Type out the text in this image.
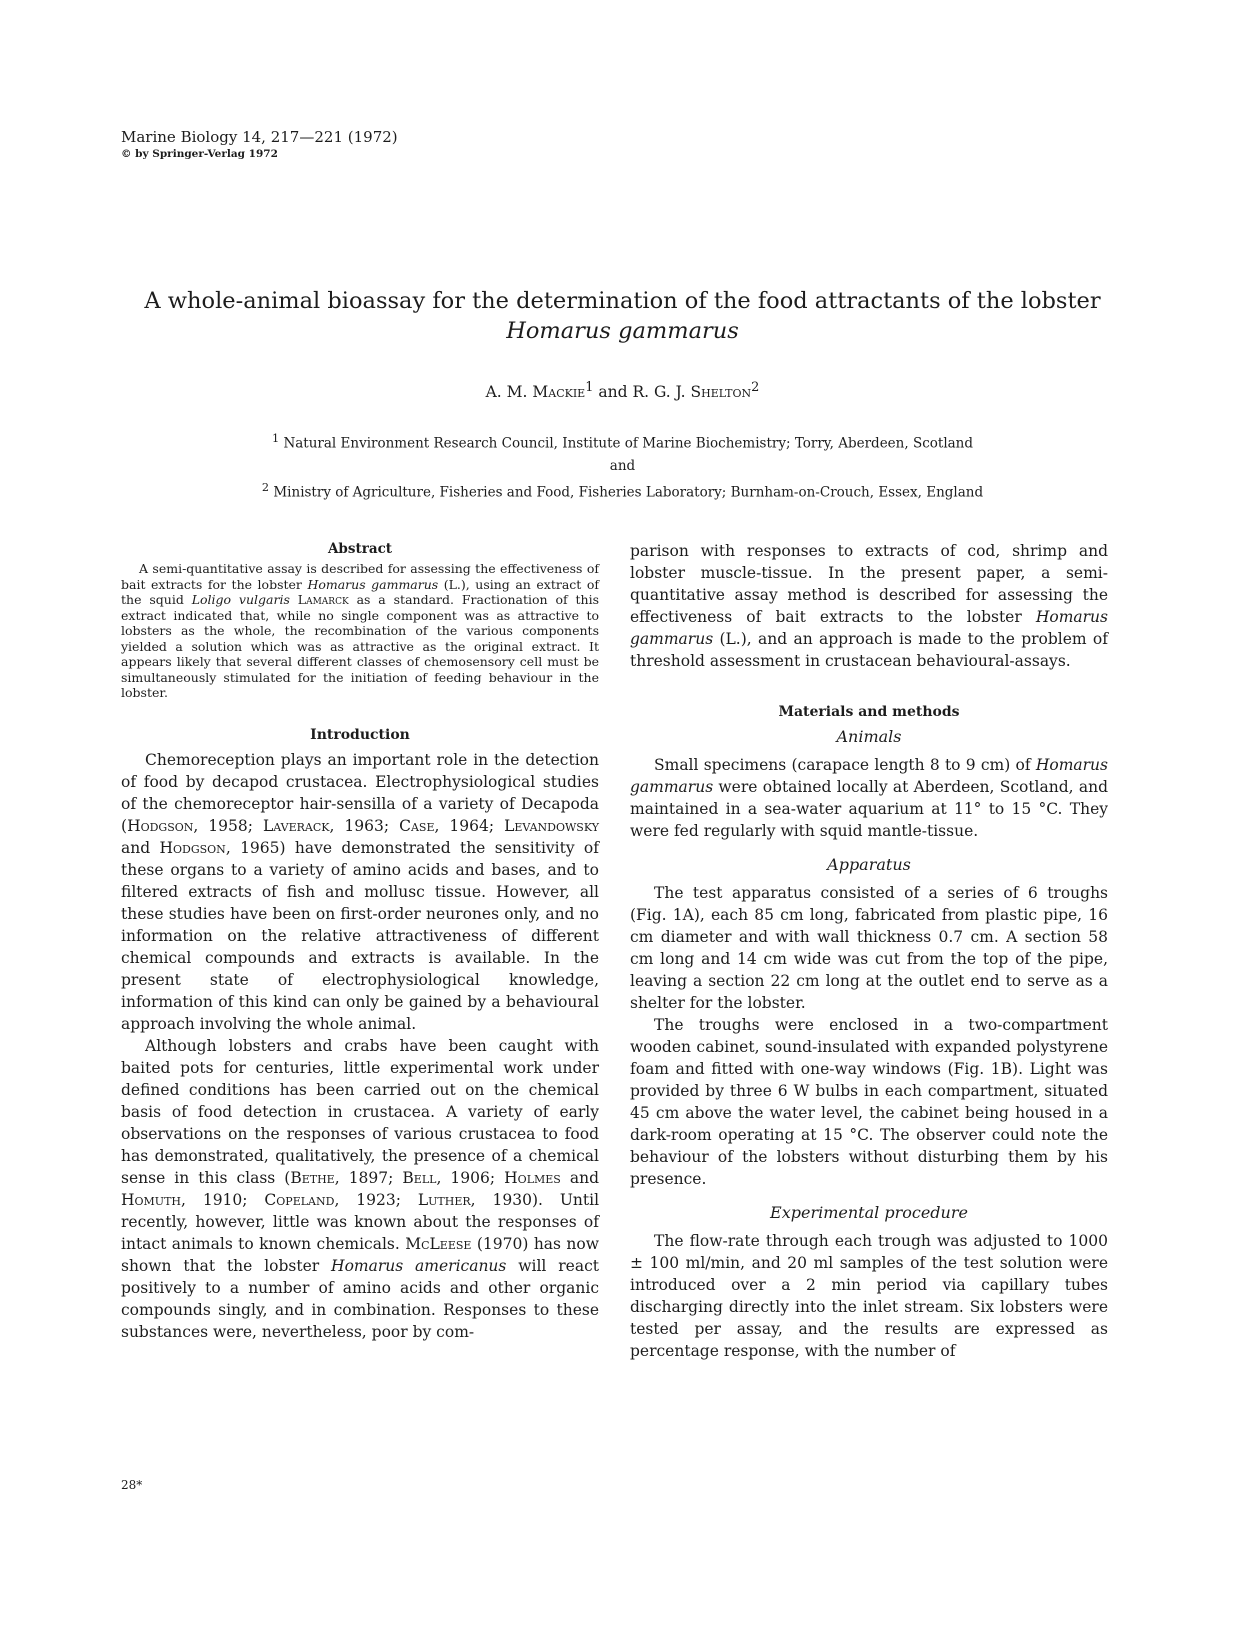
Marine Biology 14, 217—221 (1972)
© by Springer-Verlag 1972
A whole-animal bioassay for the determination of the food attractants of the lobster
Homarus gammarus
A. M. Mackie$^1$ and R. G. J. Shelton$^2$
$^1$ Natural Environment Research Council, Institute of Marine Biochemistry; Torry, Aberdeen, Scotland
and
$^2$ Ministry of Agriculture, Fisheries and Food, Fisheries Laboratory; Burnham-on-Crouch, Essex, England
Abstract

A semi-quantitative assay is described for assessing the effectiveness of bait extracts for the lobster Homarus gammarus (L.), using an extract of the squid Loligo vulgaris Lamarck as a standard. Fractionation of this extract indicated that, while no single component was as attractive to lobsters as the whole, the recombination of the various components yielded a solution which was as attractive as the original extract. It appears likely that several different classes of chemosensory cell must be simultaneously stimulated for the initiation of feeding behaviour in the lobster.

Introduction

Chemoreception plays an important role in the detection of food by decapod crustacea. Electrophysiological studies of the chemoreceptor hair-sensilla of a variety of Decapoda (Hodgson, 1958; Laverack, 1963; Case, 1964; Levandowsky and Hodgson, 1965) have demonstrated the sensitivity of these organs to a variety of amino acids and bases, and to filtered extracts of fish and mollusc tissue. However, all these studies have been on first-order neurones only, and no information on the relative attractiveness of different chemical compounds and extracts is available. In the present state of electrophysiological knowledge, information of this kind can only be gained by a behavioural approach involving the whole animal.

Although lobsters and crabs have been caught with baited pots for centuries, little experimental work under defined conditions has been carried out on the chemical basis of food detection in crustacea. A variety of early observations on the responses of various crustacea to food has demonstrated, qualitatively, the presence of a chemical sense in this class (Bethe, 1897; Bell, 1906; Holmes and Homuth, 1910; Copeland, 1923; Luther, 1930). Until recently, however, little was known about the responses of intact animals to known chemicals. McLeese (1970) has now shown that the lobster Homarus americanus will react positively to a number of amino acids and other organic compounds singly, and in combination. Responses to these substances were, nevertheless, poor by com-

parison with responses to extracts of cod, shrimp and lobster muscle-tissue. In the present paper, a semi-quantitative assay method is described for assessing the effectiveness of bait extracts to the lobster Homarus gammarus (L.), and an approach is made to the problem of threshold assessment in crustacean behavioural-assays.

Materials and methods
Animals

Small specimens (carapace length 8 to 9 cm) of Homarus gammarus were obtained locally at Aberdeen, Scotland, and maintained in a sea-water aquarium at 11° to 15 °C. They were fed regularly with squid mantle-tissue.

Apparatus

The test apparatus consisted of a series of 6 troughs (Fig. 1A), each 85 cm long, fabricated from plastic pipe, 16 cm diameter and with wall thickness 0.7 cm. A section 58 cm long and 14 cm wide was cut from the top of the pipe, leaving a section 22 cm long at the outlet end to serve as a shelter for the lobster.

The troughs were enclosed in a two-compartment wooden cabinet, sound-insulated with expanded polystyrene foam and fitted with one-way windows (Fig. 1B). Light was provided by three 6 W bulbs in each compartment, situated 45 cm above the water level, the cabinet being housed in a dark-room operating at 15 °C. The observer could note the behaviour of the lobsters without disturbing them by his presence.

Experimental procedure

The flow-rate through each trough was adjusted to 1000 ± 100 ml/min, and 20 ml samples of the test solution were introduced over a 2 min period via capillary tubes discharging directly into the inlet stream. Six lobsters were tested per assay, and the results are expressed as percentage response, with the number of

28*
